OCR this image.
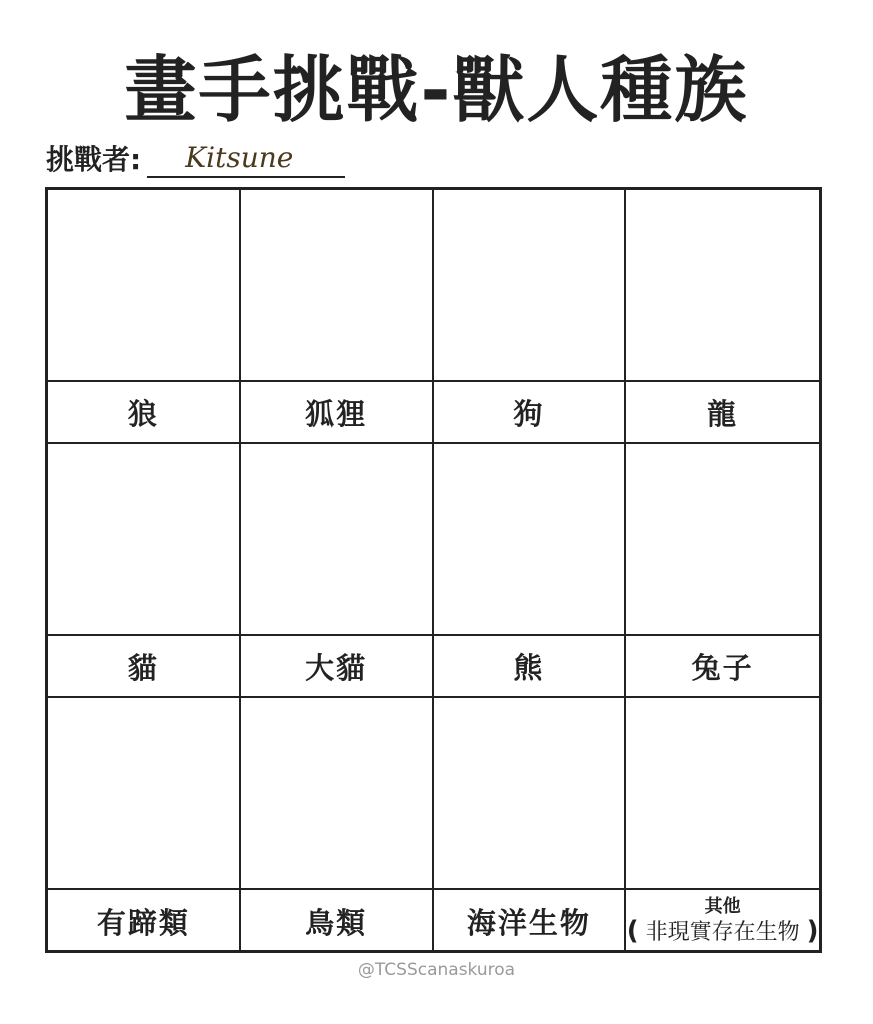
畫手挑戰-獸人種族
挑戰者: Kitsune
狼	狐狸	狗	龍
貓	大貓	熊	兔子
有蹄類	鳥類	海洋生物	其他
( 非現實存在生物 )
@TCSScanaskuroa
